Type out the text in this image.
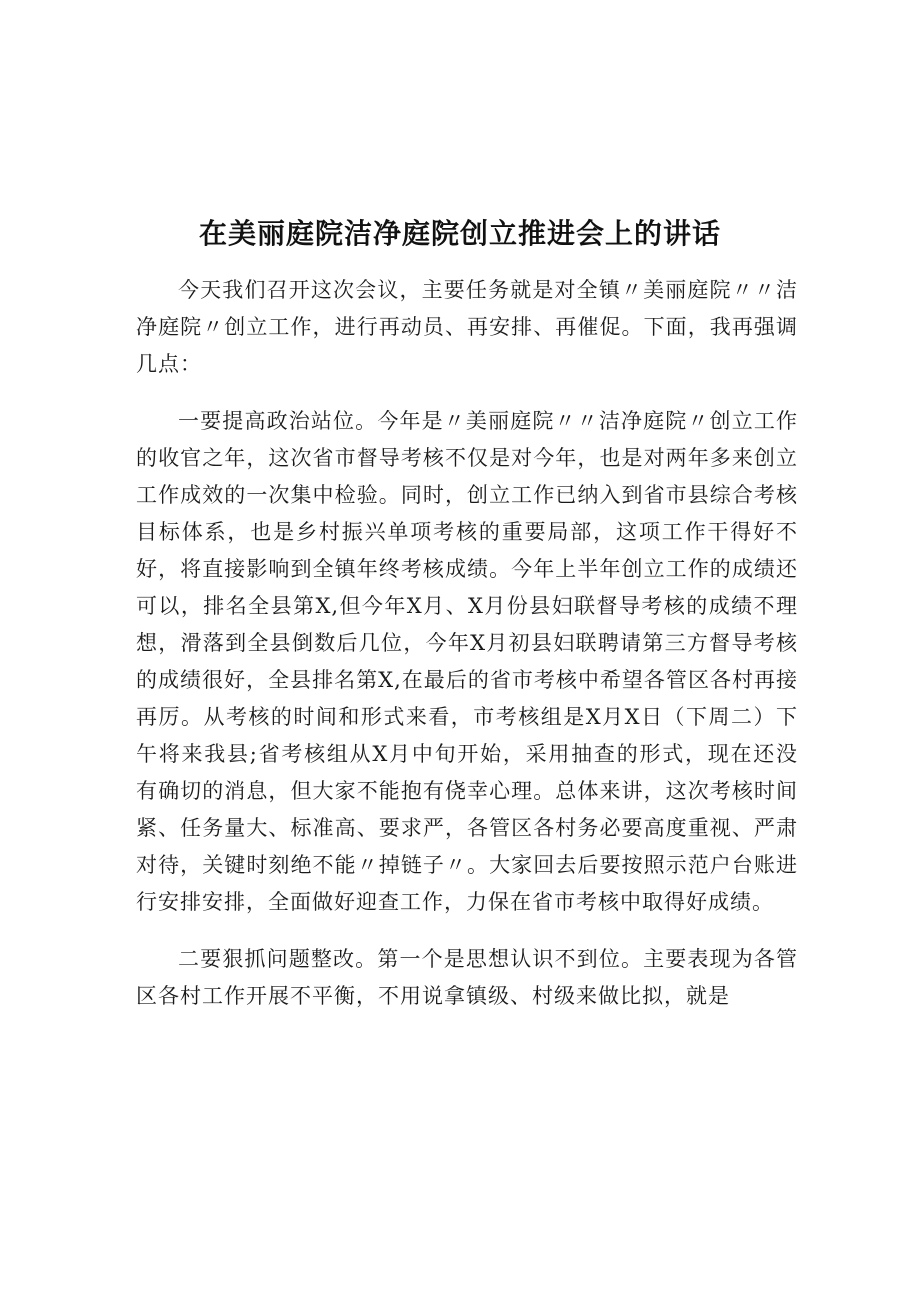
在美丽庭院洁净庭院创立推进会上的讲话

今天我们召开这次会议，主要任务就是对全镇〃美丽庭院〃〃洁净庭院〃创立工作，进行再动员、再安排、再催促。下面，我再强调几点：

一要提高政治站位。今年是〃美丽庭院〃〃洁净庭院〃创立工作的收官之年，这次省市督导考核不仅是对今年，也是对两年多来创立工作成效的一次集中检验。同时，创立工作已纳入到省市县综合考核目标体系，也是乡村振兴单项考核的重要局部，这项工作干得好不好，将直接影响到全镇年终考核成绩。今年上半年创立工作的成绩还可以，排名全县第X,但今年X月、X月份县妇联督导考核的成绩不理想，滑落到全县倒数后几位，今年X月初县妇联聘请第三方督导考核的成绩很好，全县排名第X,在最后的省市考核中希望各管区各村再接再厉。从考核的时间和形式来看，市考核组是X月X日（下周二）下午将来我县;省考核组从X月中旬开始，采用抽查的形式，现在还没有确切的消息，但大家不能抱有侥幸心理。总体来讲，这次考核时间紧、任务量大、标准高、要求严，各管区各村务必要高度重视、严肃对待，关键时刻绝不能〃掉链子〃。大家回去后要按照示范户台账进行安排安排，全面做好迎查工作，力保在省市考核中取得好成绩。

二要狠抓问题整改。第一个是思想认识不到位。主要表现为各管区各村工作开展不平衡，不用说拿镇级、村级来做比拟，就是
